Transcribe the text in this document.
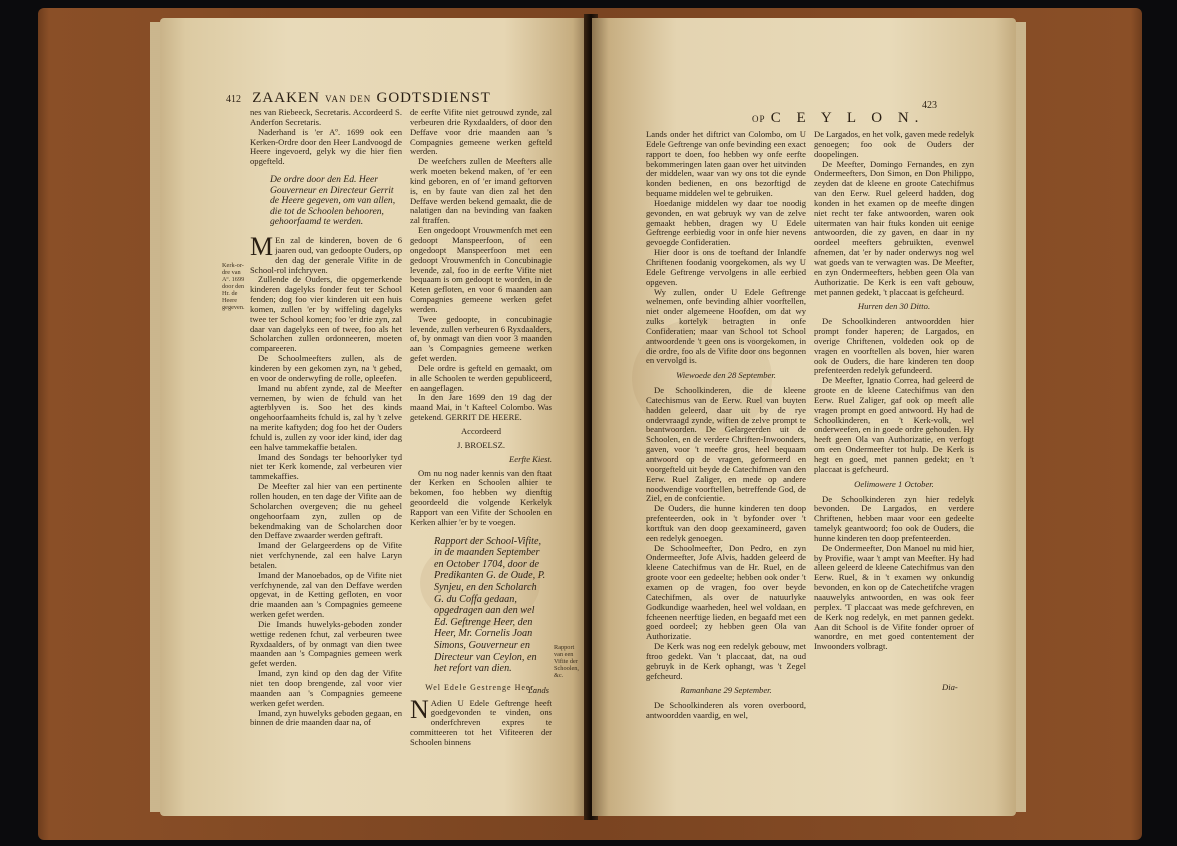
412 ZAAKEN VAN DEN GODTSDIENST
Kerk-or-
dre van
Aº. 1699
door den
Hr. de
Heere
gegeven.

nes van Riebeeck, Secretaris. Accordeerd S. Anderfon Secretaris.

Naderhand is 'er Aº. 1699 ook een Kerken-Ordre door den Heer Landvoogd de Heere ingevoerd, gelyk wy die hier fien opgefteld.

De ordre door den Ed. Heer Gouverneur en Directeur Gerrit de Heere gegeven, om van allen, die tot de Schoolen behooren, gehoorfaamd te werden.

M En zal de kinderen, boven de 6 jaaren oud, van gedoopte Ouders, op den dag der generale Vifite in de School-rol infchryven.

Zullende de Ouders, die opgemerkende kinderen dagelyks fonder feut ter School fenden; dog foo vier kinderen uit een huis komen, zullen 'er by wiffeling dagelyks twee ter School komen; foo 'er drie zyn, zal daar van dagelyks een of twee, foo als het Scholarchen zullen ordonneeren, moeten compareeren.

De Schoolmeefters zullen, als de kinderen by een gekomen zyn, na 't gebed, en voor de onderwyfing de rolle, opleefen.

Imand nu abfent zynde, zal de Meefter vernemen, by wien de fchuld van het agterblyven is. Soo het des kinds ongehoorfaamheits fchuld is, zal hy 't zelve na merite kaftyden; dog foo het der Ouders fchuld is, zullen zy voor ider kind, ider dag een halve tammekaffie betalen.

Imand des Sondags ter behoorlyker tyd niet ter Kerk komende, zal verbeuren vier tammekaffies.

De Meefter zal hier van een pertinente rollen houden, en ten dage der Vifite aan de Scholarchen overgeven; die nu geheel ongehoorfaam zyn, zullen op de bekendmaking van de Scholarchen door den Deffave zwaarder werden geftraft.

Imand der Gelargeerdens op de Vifite niet verfchynende, zal een halve Laryn betalen.

Imand der Manoebados, op de Vifite niet verfchynende, zal van den Deffave werden opgevat, in de Ketting gefloten, en voor drie maanden aan 's Compagnies gemeene werken gefet werden.

Die Imands huwelyks-geboden zonder wettige redenen fchut, zal verbeuren twee Ryxdaalders, of by onmagt van dien twee maanden aan 's Compagnies gemeen werk gefet werden.

Imand, zyn kind op den dag der Vifite niet ten doop brengende, zal voor vier maanden aan 's Compagnies gemeene werken gefet werden.

Imand, zyn huwelyks geboden gegaan, en binnen de drie maanden daar na, of

de eerfte Vifite niet getrouwd zynde, zal verbeuren drie Ryxdaalders, of door den Deffave voor drie maanden aan 's Compagnies gemeene werken gefteld werden.

De weefchers zullen de Meefters alle werk moeten bekend maken, of 'er een kind geboren, en of 'er imand geftorven is, en by faute van dien zal het den Deffave werden bekend gemaakt, die de nalatigen dan na bevinding van faaken zal ftraffen.

Een ongedoopt Vrouwmenfch met een gedoopt Manspeerfoon, of een ongedoopt Manspeerfoon met een gedoopt Vrouwmenfch in Concubinagie levende, zal, foo in de eerfte Vifite niet bequaam is om gedoopt te worden, in de Keten gefloten, en voor 6 maanden aan Compagnies gemeene werken gefet werden.

Twee gedoopte, in concubinagie levende, zullen verbeuren 6 Ryxdaalders, of, by onmagt van dien voor 3 maanden aan 's Compagnies gemeene werken gefet werden.

Dele ordre is gefteld en gemaakt, om in alle Schoolen te werden gepubliceerd, en aangeflagen.

In den Jare 1699 den 19 dag der maand Mai, in 't Kafteel Colombo. Was getekend. GERRIT DE HEERE.

Accordeerd

J. BROELSZ.

Eerfte Kiest.

Om nu nog nader kennis van den ftaat der Kerken en Schoolen alhier te bekomen, foo hebben wy dienftig geoordeeld die volgende Kerkelyk Rapport van een Vifite der Schoolen en Kerken alhier 'er by te voegen.

Rapport der School-Vifite, in de maanden September en October 1704, door de Predikanten G. de Oude, P. Synjeu, en den Scholarch G. du Coffa gedaan, opgedragen aan den wel Ed. Geftrenge Heer, den Heer, Mr. Cornelis Joan Simons, Gouverneur en Directeur van Ceylon, en het refort van dien.

Wel Edele Gestrenge Heer.

N Adien U Edele Geftrenge heeft goedgevonden te vinden, ons onderfchreven expres te committeeren tot het Vifiteeren der Schoolen binnens

Rapport
van een
Vifite der
Schoolen,
&c.
Lands
OP C E Y L O N.
423

Lands onder het diftrict van Colombo, om U Edele Geftrenge van onfe bevinding een exact rapport te doen, foo hebben wy onfe eerfte bekommeringen laten gaan over het uitvinden der middelen, waar van wy ons tot die eynde konden bedienen, en ons bezorftigd de bequame middelen wel te gebruiken.

Hoedanige middelen wy daar toe noodig gevonden, en wat gebruyk wy van de zelve gemaakt hebben, dragen wy U Edele Geftrenge eerbiedig voor in onfe hier nevens gevoegde Confideratien.

Hier door is ons de toeftand der Inlandfe Chriftenen foodanig voorgekomen, als wy U Edele Geftrenge vervolgens in alle eerbied opgeven.

Wy zullen, onder U Edele Geftrenge welnemen, onfe bevinding alhier voorftellen, niet onder algemeene Hoofden, om dat wy zulks kortelyk betragten in onfe Confideratien; maar van School tot School antwoordende 't geen ons is voorgekomen, in die ordre, foo als de Vifite door ons begonnen en vervolgd is.

Wiewoede den 28 September.

De Schoolkinderen, die de kleene Catechismus van de Eerw. Ruel van buyten hadden geleerd, daar uit by de rye ondervraagd zynde, wiften de zelve prompt te beantwoorden. De Gelargeerden uit de Schoolen, en de verdere Chriften-Inwoonders, gaven, voor 't meefte gros, heel bequaam antwoord op de vragen, geformeerd en voorgefteld uit beyde de Catechifmen van den Eerw. Ruel Zaliger, en mede op andere noodwendige voorftellen, betreffende God, de Ziel, en de confcientie.

De Ouders, die hunne kinderen ten doop prefenteerden, ook in 't byfonder over 't kortftuk van den doop geexamineerd, gaven een redelyk genoegen.

De Schoolmeefter, Don Pedro, en zyn Ondermeefter, Jofe Alvis, hadden geleerd de kleene Catechifmus van de Hr. Ruel, en de groote voor een gedeelte; hebben ook onder 't examen op de vragen, foo over beyde Catechifmen, als over de natuurlyke Godkundige waarheden, heel wel voldaan, en fcheenen neerftige lieden, en begaafd met een goed oordeel; zy hebben geen Ola van Authorizatie.

De Kerk was nog een redelyk gebouw, met ftroo gedekt. Van 't placcaat, dat, na oud gebruyk in de Kerk ophangt, was 't Zegel gefcheurd.

Ramanhane 29 September.

De Schoolkinderen als voren overboord, antwoordden vaardig, en wel,

De Largados, en het volk, gaven mede redelyk genoegen; foo ook de Ouders der doopelingen.

De Meefter, Domingo Fernandes, en zyn Ondermeefters, Don Simon, en Don Philippo, zeyden dat de kleene en groote Catechifmus van den Eerw. Ruel geleerd hadden, dog konden in het examen op de meefte dingen niet recht ter fake antwoorden, waren ook uitermaten van hair ftuks konden uit eenige antwoorden, die zy gaven, en daar in ny oordeel meefters gebruikten, evenwel afnemen, dat 'er by nader onderwys nog wel wat goeds van te verwagten was. De Meefter, en zyn Ondermeefters, hebben geen Ola van Authorizatie. De Kerk is een vaft gebouw, met pannen gedekt, 't placcaat is gefcheurd.

Hurren den 30 Ditto.

De Schoolkinderen antwoordden hier prompt fonder haperen; de Largados, en overige Chriftenen, voldeden ook op de vragen en voorftellen als boven, hier waren ook de Ouders, die hare kinderen ten doop prefenteerden redelyk gefundeerd.

De Meefter, Ignatio Correa, had geleerd de groote en de kleene Catechifmus van den Eerw. Ruel Zaliger, gaf ook op meeft alle vragen prompt en goed antwoord. Hy had de Schoolkinderen, en 't Kerk-volk, wel onderweefen, en in goede ordre gehouden. Hy heeft geen Ola van Authorizatie, en verfogt om een Ondermeefter tot hulp. De Kerk is hegt en goed, met pannen gedekt; en 't placcaat is gefcheurd.

Oelimowere 1 October.

De Schoolkinderen zyn hier redelyk bevonden. De Largados, en verdere Chriftenen, hebben maar voor een gedeelte tamelyk geantwoord; foo ook de Ouders, die hunne kinderen ten doop prefenteerden.

De Ondermeefter, Don Manoel nu mid hier, by Provifie, waar 't ampt van Meefter. Hy had alleen geleerd de kleene Catechifmus van den Eerw. Ruel, & in 't examen wy onkundig bevonden, en kon op de Catechetifche vragen naauwelyks antwoorden, en was ook feer perplex. 'T placcaat was mede gefchreven, en de Kerk nog redelyk, en met pannen gedekt. Aan dit School is de Vifite fonder oproer of wanordre, en met goed contentement der Inwoonders volbragt.

Dia-
